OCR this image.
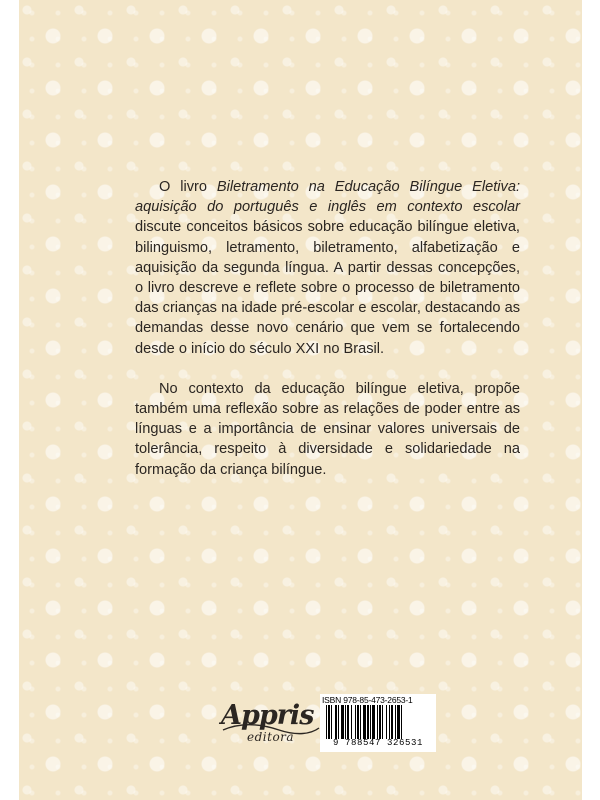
O livro Biletramento na Educação Bilíngue Eletiva: aquisição do português e inglês em contexto escolar discute conceitos básicos sobre educação bilíngue eletiva, bilinguismo, letramento, biletramento, alfabetização e aquisição da segunda língua. A partir dessas concepções, o livro descreve e reflete sobre o processo de biletramento das crianças na idade pré-escolar e escolar, destacando as demandas desse novo cenário que vem se fortalecendo desde o início do século XXI no Brasil.

No contexto da educação bilíngue eletiva, propõe também uma reflexão sobre as relações de poder entre as línguas e a importância de ensinar valores universais de tolerância, respeito à diversidade e solidariedade na formação da criança bilíngue.

Appris
editora
ISBN 978-85-473-2653-1
9 788547 326531
